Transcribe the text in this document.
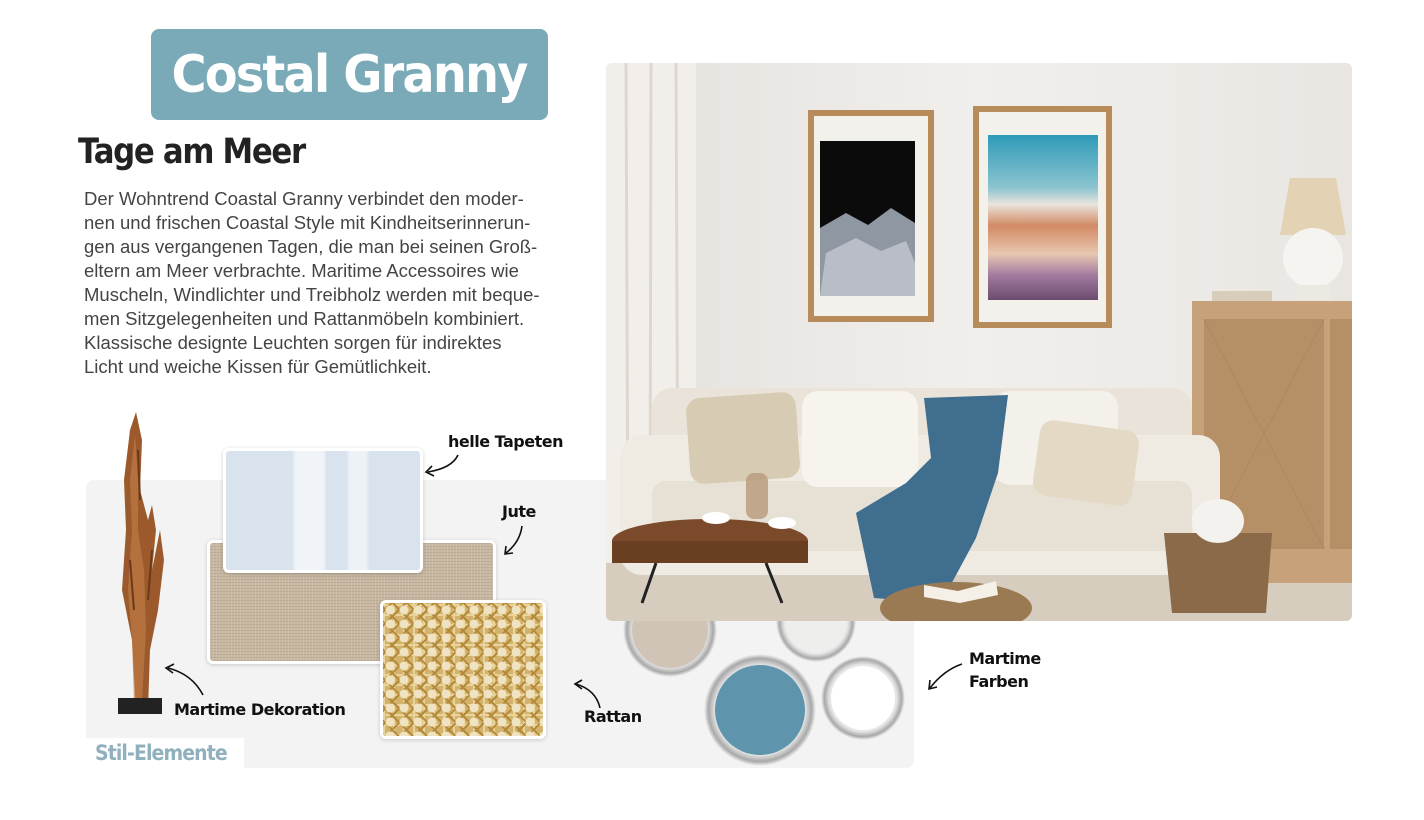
Costal Granny
Tage am Meer
Der Wohntrend Coastal Granny verbindet den moder-
nen und frischen Coastal Style mit Kindheitserinnerun-
gen aus vergangenen Tagen, die man bei seinen Groß-
eltern am Meer verbrachte. Maritime Accessoires wie
Muscheln, Windlichter und Treibholz werden mit beque-
men Sitzgelegenheiten und Rattanmöbeln kombiniert.
Klassische designte Leuchten sorgen für indirektes
Licht und weiche Kissen für Gemütlichkeit.
Stil-Elemente
helle Tapeten
Jute
Rattan
Martime Dekoration
Martime
Farben
